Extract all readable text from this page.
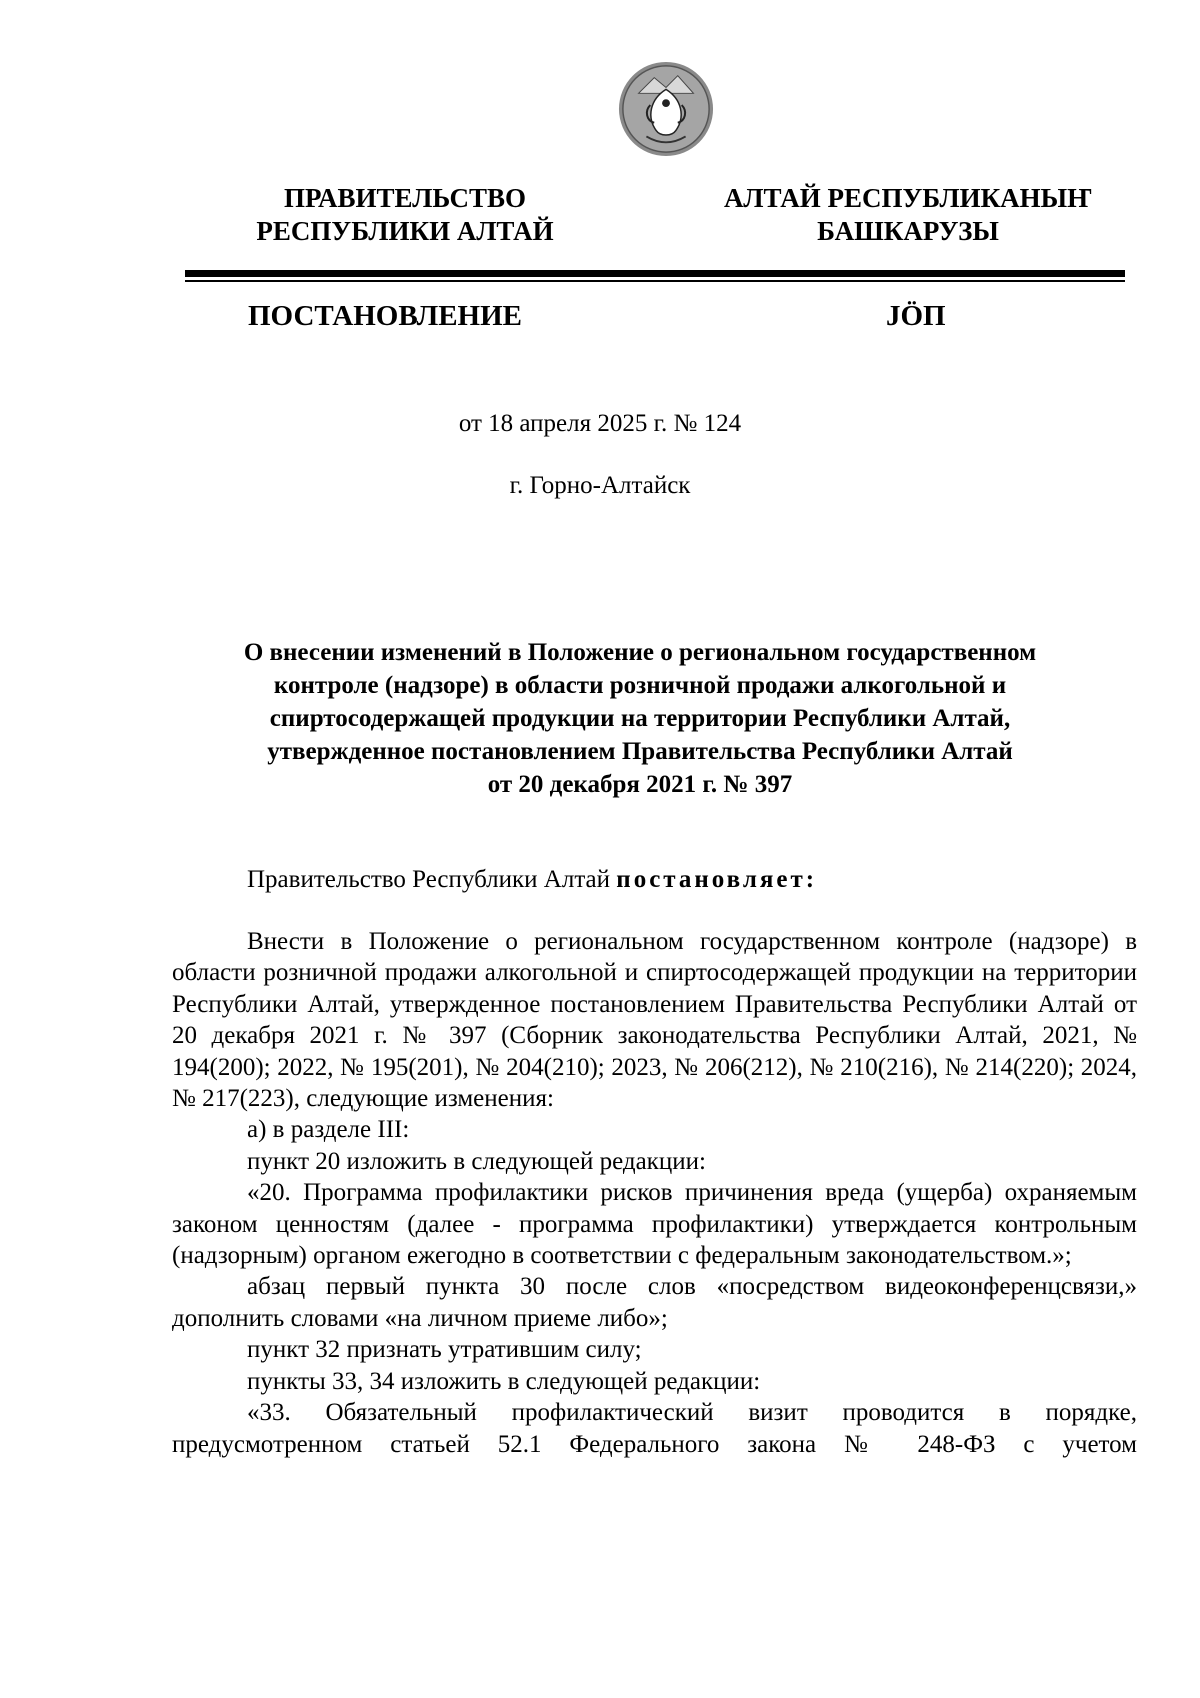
ПРАВИТЕЛЬСТВО
РЕСПУБЛИКИ АЛТАЙ
АЛТАЙ РЕСПУБЛИКАНЫҤ
БАШКАРУЗЫ
ПОСТАНОВЛЕНИЕ	JÖП
от 18 апреля 2025 г. № 124
г. Горно-Алтайск
О внесении изменений в Положение о региональном государственном
контроле (надзоре) в области розничной продажи алкогольной и
спиртосодержащей продукции на территории Республики Алтай,
утвержденное постановлением Правительства Республики Алтай
от 20 декабря 2021 г. № 397
Правительство Республики Алтай постановляет:

Внести в Положение о региональном государственном контроле (надзоре) в области розничной продажи алкогольной и спиртосодержащей продукции на территории Республики Алтай, утвержденное постановлением Правительства Республики Алтай от 20 декабря 2021 г. № 397 (Сборник законодательства Республики Алтай, 2021, № 194(200); 2022, № 195(201), № 204(210); 2023, № 206(212), № 210(216), № 214(220); 2024, № 217(223), следующие изменения:

а) в разделе III:

пункт 20 изложить в следующей редакции:

«20. Программа профилактики рисков причинения вреда (ущерба) охраняемым законом ценностям (далее - программа профилактики) утверждается контрольным (надзорным) органом ежегодно в соответствии с федеральным законодательством.»;

абзац первый пункта 30 после слов «посредством видеоконференцсвязи,» дополнить словами «на личном приеме либо»;

пункт 32 признать утратившим силу;

пункты 33, 34 изложить в следующей редакции:

«33. Обязательный профилактический визит проводится в порядке, предусмотренном статьей 52.1 Федерального закона № 248-ФЗ с учетом
